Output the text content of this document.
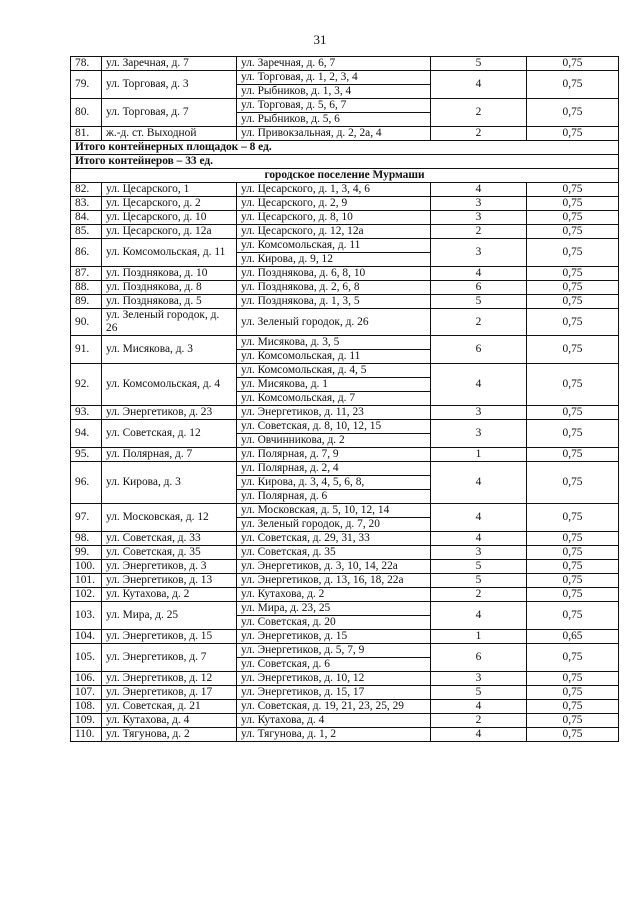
31
78.	ул. Заречная, д. 7	ул. Заречная, д. 6, 7	5	0,75
79.	ул. Торговая, д. 3	ул. Торговая, д. 1, 2, 3, 4	4	0,75
		ул. Рыбников, д. 1, 3, 4		
80.	ул. Торговая, д. 7	ул. Торговая, д. 5, 6, 7	2	0,75
		ул. Рыбников, д. 5, 6		
81.	ж.-д. ст. Выходной	ул. Привокзальная, д. 2, 2а, 4	2	0,75
Итого контейнерных площадок – 8 ед.				
Итого контейнеров – 33 ед.				
городское поселение Мурмаши				
82.	ул. Цесарского, 1	ул. Цесарского, д. 1, 3, 4, 6	4	0,75
83.	ул. Цесарского, д. 2	ул. Цесарского, д. 2, 9	3	0,75
84.	ул. Цесарского, д. 10	ул. Цесарского, д. 8, 10	3	0,75
85.	ул. Цесарского, д. 12а	ул. Цесарского, д. 12, 12а	2	0,75
86.	ул. Комсомольская, д. 11	ул. Комсомольская, д. 11	3	0,75
		ул. Кирова, д. 9, 12		
87.	ул. Позднякова, д. 10	ул. Позднякова, д. 6, 8, 10	4	0,75
88.	ул. Позднякова, д. 8	ул. Позднякова, д. 2, 6, 8	6	0,75
89.	ул. Позднякова, д. 5	ул. Позднякова, д. 1, 3, 5	5	0,75
90.	ул. Зеленый городок, д. 26	ул. Зеленый городок, д. 26	2	0,75
91.	ул. Мисякова, д. 3	ул. Мисякова, д. 3, 5	6	0,75
		ул. Комсомольская, д. 11		
92.	ул. Комсомольская, д. 4	ул. Комсомольская, д. 4, 5	4	0,75
		ул. Мисякова, д. 1		
		ул. Комсомольская, д. 7		
93.	ул. Энергетиков, д. 23	ул. Энергетиков, д. 11, 23	3	0,75
94.	ул. Советская, д. 12	ул. Советская, д. 8, 10, 12, 15	3	0,75
		ул. Овчинникова, д. 2		
95.	ул. Полярная, д. 7	ул. Полярная, д. 7, 9	1	0,75
96.	ул. Кирова, д. 3	ул. Полярная, д. 2, 4	4	0,75
		ул. Кирова, д. 3, 4, 5, 6, 8,		
		ул. Полярная, д. 6		
97.	ул. Московская, д. 12	ул. Московская, д. 5, 10, 12, 14	4	0,75
		ул. Зеленый городок, д. 7, 20		
98.	ул. Советская, д. 33	ул. Советская, д. 29, 31, 33	4	0,75
99.	ул. Советская, д. 35	ул. Советская, д. 35	3	0,75
100.	ул. Энергетиков, д. 3	ул. Энергетиков, д. 3, 10, 14, 22а	5	0,75
101.	ул. Энергетиков, д. 13	ул. Энергетиков, д. 13, 16, 18, 22а	5	0,75
102.	ул. Кутахова, д. 2	ул. Кутахова, д. 2	2	0,75
103.	ул. Мира, д. 25	ул. Мира, д. 23, 25	4	0,75
		ул. Советская, д. 20		
104.	ул. Энергетиков, д. 15	ул. Энергетиков, д. 15	1	0,65
105.	ул. Энергетиков, д. 7	ул. Энергетиков, д. 5, 7, 9	6	0,75
		ул. Советская, д. 6		
106.	ул. Энергетиков, д. 12	ул. Энергетиков, д. 10, 12	3	0,75
107.	ул. Энергетиков, д. 17	ул. Энергетиков, д. 15, 17	5	0,75
108.	ул. Советская, д. 21	ул. Советская, д. 19, 21, 23, 25, 29	4	0,75
109.	ул. Кутахова, д. 4	ул. Кутахова, д. 4	2	0,75
110.	ул. Тягунова, д. 2	ул. Тягунова, д. 1, 2	4	0,75
